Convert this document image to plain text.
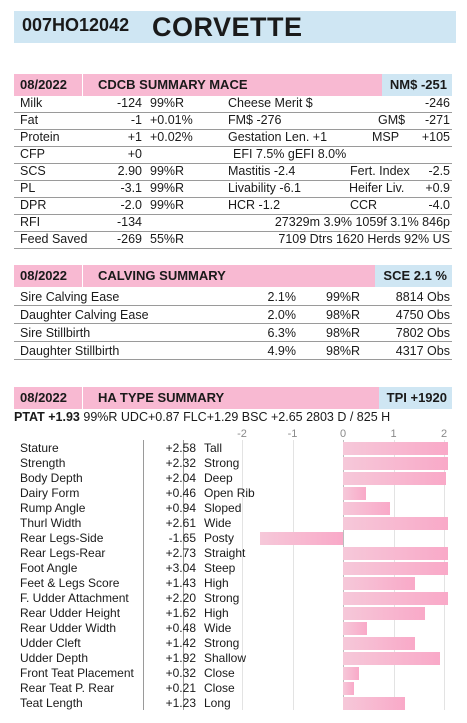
007HO12042 CORVETTE
08/2022 CDCB SUMMARY MACE	NM$ -251
Milk	-124 99%R	Cheese Merit $	-246
Fat	-1 +0.01%	FM$ -276	GM$	-271
Protein	+1 +0.02%	Gestation Len. +1	MSP	+105
CFP	+0	EFI 7.5% gEFI 8.0%
SCS	2.90 99%R	Mastitis -2.4	Fert. Index	-2.5
PL	-3.1 99%R	Livability -6.1	Heifer Liv.	+0.9
DPR	-2.0 99%R	HCR -1.2	CCR	-4.0
RFI	-134	27329m 3.9% 1059f 3.1% 846p
Feed Saved	-269 55%R	7109 Dtrs 1620 Herds 92% US
08/2022 CALVING SUMMARY	SCE 2.1 %
Sire Calving Ease	2.1% 99%R	8814 Obs
Daughter Calving Ease	2.0% 98%R	4750 Obs
Sire Stillbirth	6.3% 98%R	7802 Obs
Daughter Stillbirth	4.9% 98%R	4317 Obs
08/2022 HA TYPE SUMMARY	TPI +1920
PTAT +1.93 99%R UDC+0.87 FLC+1.29 BSC +2.65 2803 D / 825 H
-2	-1	0	1	2
Stature	+2.58 Tall
Strength	+2.32 Strong
Body Depth	+2.04 Deep
Dairy Form	+0.46 Open Rib
Rump Angle	+0.94 Sloped
Thurl Width	+2.61 Wide
Rear Legs-Side	-1.65 Posty
Rear Legs-Rear	+2.73 Straight
Foot Angle	+3.04 Steep
Feet & Legs Score	+1.43 High
F. Udder Attachment	+2.20 Strong
Rear Udder Height	+1.62 High
Rear Udder Width	+0.48 Wide
Udder Cleft	+1.42 Strong
Udder Depth	+1.92 Shallow
Front Teat Placement	+0.32 Close
Rear Teat P. Rear	+0.21 Close
Teat Length	+1.23 Long
